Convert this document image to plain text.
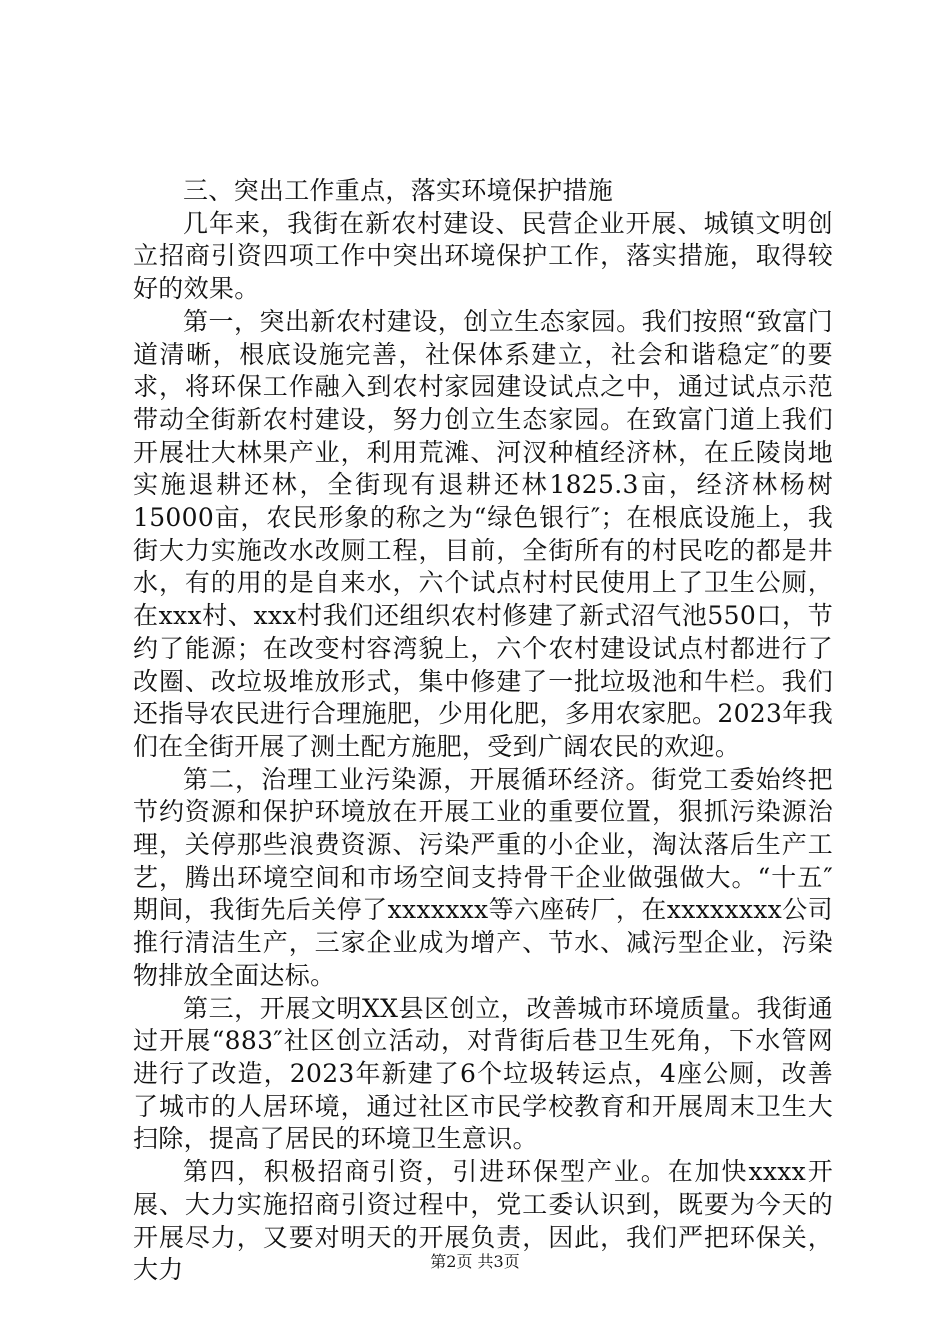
三、突出工作重点，落实环境保护措施

几年来，我街在新农村建设、民营企业开展、城镇文明创立招商引资四项工作中突出环境保护工作，落实措施，取得较好的效果。

第一，突出新农村建设，创立生态家园。我们按照“致富门道清晰，根底设施完善，社保体系建立，社会和谐稳定″的要求，将环保工作融入到农村家园建设试点之中，通过试点示范带动全街新农村建设，努力创立生态家园。在致富门道上我们开展壮大林果产业，利用荒滩、河汊种植经济林，在丘陵岗地实施退耕还林，全街现有退耕还林1825.3亩，经济林杨树15000亩，农民形象的称之为“绿色银行″；在根底设施上，我街大力实施改水改厕工程，目前，全街所有的村民吃的都是井水，有的用的是自来水，六个试点村村民使用上了卫生公厕，在xxx村、xxx村我们还组织农村修建了新式沼气池550口，节约了能源；在改变村容湾貌上，六个农村建设试点村都进行了改圈、改垃圾堆放形式，集中修建了一批垃圾池和牛栏。我们还指导农民进行合理施肥，少用化肥，多用农家肥。2023年我们在全街开展了测土配方施肥，受到广阔农民的欢迎。

第二，治理工业污染源，开展循环经济。街党工委始终把节约资源和保护环境放在开展工业的重要位置，狠抓污染源治理，关停那些浪费资源、污染严重的小企业，淘汰落后生产工艺，腾出环境空间和市场空间支持骨干企业做强做大。“十五″期间，我街先后关停了xxxxxxx等六座砖厂，在xxxxxxxx公司推行清洁生产，三家企业成为增产、节水、减污型企业，污染物排放全面达标。

第三，开展文明XX县区创立，改善城市环境质量。我街通过开展“883″社区创立活动，对背街后巷卫生死角，下水管网进行了改造，2023年新建了6个垃圾转运点，4座公厕，改善了城市的人居环境，通过社区市民学校教育和开展周末卫生大扫除，提高了居民的环境卫生意识。

第四，积极招商引资，引进环保型产业。在加快xxxx开展、大力实施招商引资过程中，党工委认识到，既要为今天的开展尽力，又要对明天的开展负责，因此，我们严把环保关，大力	第2页 共3页
